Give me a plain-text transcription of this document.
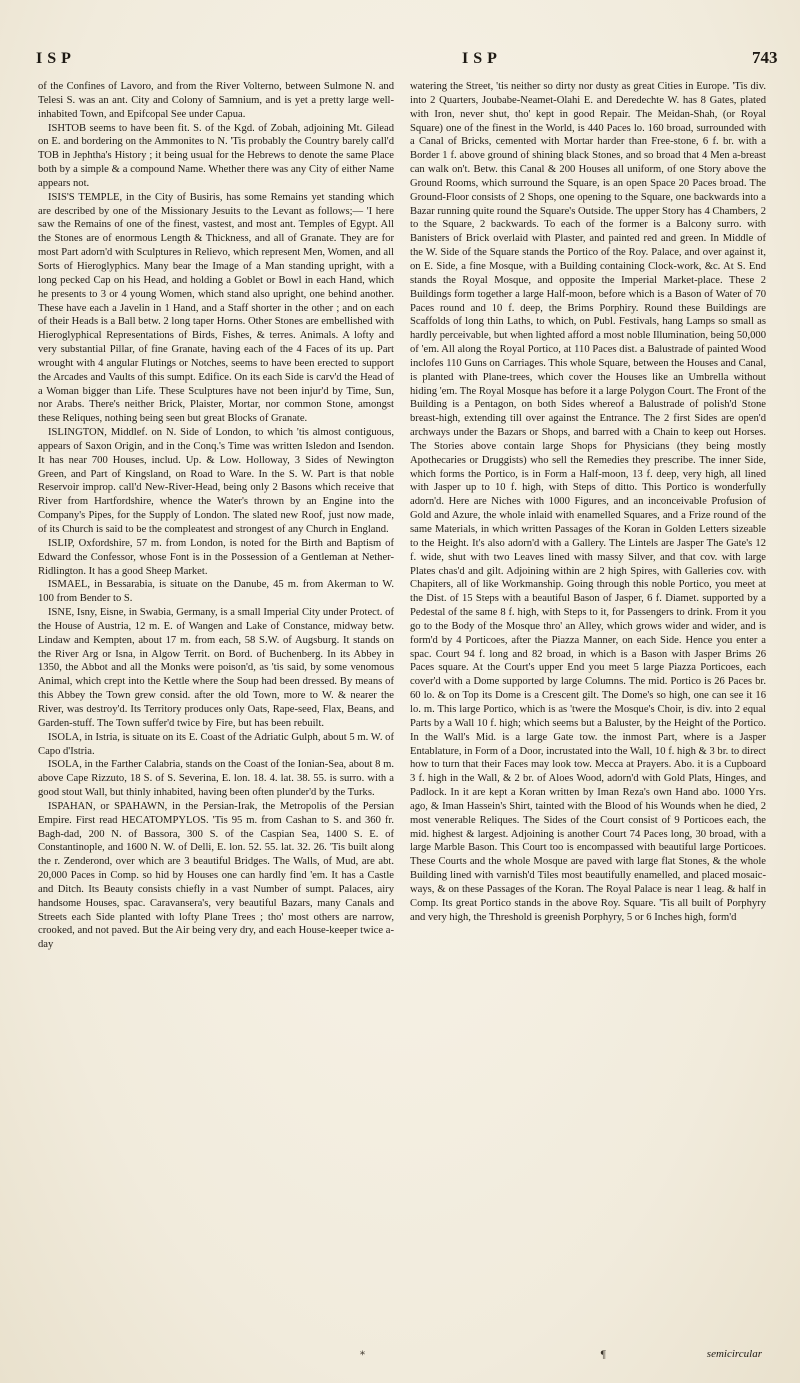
ISP	ISP	743

of the Confines of Lavoro, and from the River Volterno, between Sulmone N. and Telesi S. was an ant. City and Colony of Samnium, and is yet a pretty large well-inhabited Town, and Epifcopal See under Capua.

ISHTOB seems to have been fit. S. of the Kgd. of Zobah, adjoining Mt. Gilead on E. and bordering on the Ammonites to N. 'Tis probably the Country barely call'd TOB in Jephtha's History ; it being usual for the Hebrews to denote the same Place both by a simple & a compound Name. Whether there was any City of either Name appears not.

ISIS'S TEMPLE, in the City of Busiris, has some Remains yet standing which are described by one of the Missionary Jesuits to the Levant as follows;— 'I here saw the Remains of one of the finest, vastest, and most ant. Temples of Egypt. All the Stones are of enormous Length & Thickness, and all of Granate. They are for most Part adorn'd with Sculptures in Relievo, which represent Men, Women, and all Sorts of Hieroglyphics. Many bear the Image of a Man standing upright, with a long pecked Cap on his Head, and holding a Goblet or Bowl in each Hand, which he presents to 3 or 4 young Women, which stand also upright, one behind another. These have each a Javelin in 1 Hand, and a Staff shorter in the other ; and on each of their Heads is a Ball betw. 2 long taper Horns. Other Stones are embellished with Hieroglyphical Representations of Birds, Fishes, & terres. Animals. A lofty and very substantial Pillar, of fine Granate, having each of the 4 Faces of its up. Part wrought with 4 angular Flutings or Notches, seems to have been erected to support the Arcades and Vaults of this sumpt. Edifice. On its each Side is carv'd the Head of a Woman bigger than Life. These Sculptures have not been injur'd by Time, Sun, nor Arabs. There's neither Brick, Plaister, Mortar, nor common Stone, amongst these Reliques, nothing being seen but great Blocks of Granate.

ISLINGTON, Middlef. on N. Side of London, to which 'tis almost contiguous, appears of Saxon Origin, and in the Conq.'s Time was written Isledon and Isendon. It has near 700 Houses, includ. Up. & Low. Holloway, 3 Sides of Newington Green, and Part of Kingsland, on Road to Ware. In the S. W. Part is that noble Reservoir improp. call'd New-River-Head, being only 2 Basons which receive that River from Hartfordshire, whence the Water's thrown by an Engine into the Company's Pipes, for the Supply of London. The slated new Roof, just now made, of its Church is said to be the compleatest and strongest of any Church in England.

ISLIP, Oxfordshire, 57 m. from London, is noted for the Birth and Baptism of Edward the Confessor, whose Font is in the Possession of a Gentleman at Nether-Ridlington. It has a good Sheep Market.

ISMAEL, in Bessarabia, is situate on the Danube, 45 m. from Akerman to W. 100 from Bender to S.

ISNE, Isny, Eisne, in Swabia, Germany, is a small Imperial City under Protect. of the House of Austria, 12 m. E. of Wangen and Lake of Constance, midway betw. Lindaw and Kempten, about 17 m. from each, 58 S.W. of Augsburg. It stands on the River Arg or Isna, in Algow Territ. on Bord. of Buchenberg. In its Abbey in 1350, the Abbot and all the Monks were poison'd, as 'tis said, by some venomous Animal, which crept into the Kettle where the Soup had been dressed. By means of this Abbey the Town grew consid. after the old Town, more to W. & nearer the River, was destroy'd. Its Territory produces only Oats, Rape-seed, Flax, Beans, and Garden-stuff. The Town suffer'd twice by Fire, but has been rebuilt.

ISOLA, in Istria, is situate on its E. Coast of the Adriatic Gulph, about 5 m. W. of Capo d'Istria.

ISOLA, in the Farther Calabria, stands on the Coast of the Ionian-Sea, about 8 m. above Cape Rizzuto, 18 S. of S. Severina, E. lon. 18. 4. lat. 38. 55. is surro. with a good stout Wall, but thinly inhabited, having been often plunder'd by the Turks.

ISPAHAN, or SPAHAWN, in the Persian-Irak, the Metropolis of the Persian Empire. First read HECATOMPYLOS. 'Tis 95 m. from Cashan to S. and 360 fr. Bagh-dad, 200 N. of Bassora, 300 S. of the Caspian Sea, 1400 S. E. of Constantinople, and 1600 N. W. of Delli, E. lon. 52. 55. lat. 32. 26. 'Tis built along the r. Zenderond, over which are 3 beautiful Bridges. The Walls, of Mud, are abt. 20,000 Paces in Comp. so hid by Houses one can hardly find 'em. It has a Castle and Ditch. Its Beauty consists chiefly in a vast Number of sumpt. Palaces, airy handsome Houses, spac. Caravansera's, very beautiful Bazars, many Canals and Streets each Side planted with lofty Plane Trees ; tho' most others are narrow, crooked, and not paved. But the Air being very dry, and each House-keeper twice a-day

watering the Street, 'tis neither so dirty nor dusty as great Cities in Europe. 'Tis div. into 2 Quarters, Joubabe-Neamet-Olahi E. and Deredechte W. has 8 Gates, plated with Iron, never shut, tho' kept in good Repair. The Meidan-Shah, (or Royal Square) one of the finest in the World, is 440 Paces lo. 160 broad, surrounded with a Canal of Bricks, cemented with Mortar harder than Free-stone, 6 f. br. with a Border 1 f. above ground of shining black Stones, and so broad that 4 Men a-breast can walk on't. Betw. this Canal & 200 Houses all uniform, of one Story above the Ground Rooms, which surround the Square, is an open Space 20 Paces broad. The Ground-Floor consists of 2 Shops, one opening to the Square, one backwards into a Bazar running quite round the Square's Outside. The upper Story has 4 Chambers, 2 to the Square, 2 backwards. To each of the former is a Balcony surro. with Banisters of Brick overlaid with Plaster, and painted red and green. In Middle of the W. Side of the Square stands the Portico of the Roy. Palace, and over against it, on E. Side, a fine Mosque, with a Building containing Clock-work, &c. At S. End stands the Royal Mosque, and opposite the Imperial Market-place. These 2 Buildings form together a large Half-moon, before which is a Bason of Water of 70 Paces round and 10 f. deep, the Brims Porphiry. Round these Buildings are Scaffolds of long thin Laths, to which, on Publ. Festivals, hang Lamps so small as hardly perceivable, but when lighted afford a most noble Illumination, being 50,000 of 'em. All along the Royal Portico, at 110 Paces dist. a Balustrade of painted Wood inclofes 110 Guns on Carriages. This whole Square, between the Houses and Canal, is planted with Plane-trees, which cover the Houses like an Umbrella without hiding 'em. The Royal Mosque has before it a large Polygon Court. The Front of the Building is a Pentagon, on both Sides whereof a Balustrade of polish'd Stone breast-high, extending till over against the Entrance. The 2 first Sides are open'd archways under the Bazars or Shops, and barred with a Chain to keep out Horses. The Stories above contain large Shops for Physicians (they being mostly Apothecaries or Druggists) who sell the Remedies they prescribe. The inner Side, which forms the Portico, is in Form a Half-moon, 13 f. deep, very high, all lined with Jasper up to 10 f. high, with Steps of ditto. This Portico is wonderfully adorn'd. Here are Niches with 1000 Figures, and an inconceivable Profusion of Gold and Azure, the whole inlaid with enamelled Squares, and a Frize round of the same Materials, in which written Passages of the Koran in Golden Letters sizeable to the Height. It's also adorn'd with a Gallery. The Lintels are Jasper The Gate's 12 f. wide, shut with two Leaves lined with massy Silver, and that cov. with large Plates chas'd and gilt. Adjoining within are 2 high Spires, with Galleries cov. with Chapiters, all of like Workmanship. Going through this noble Portico, you meet at the Dist. of 15 Steps with a beautiful Bason of Jasper, 6 f. Diamet. supported by a Pedestal of the same 8 f. high, with Steps to it, for Passengers to drink. From it you go to the Body of the Mosque thro' an Alley, which grows wider and wider, and is form'd by 4 Porticoes, after the Piazza Manner, on each Side. Hence you enter a spac. Court 94 f. long and 82 broad, in which is a Bason with Jasper Brims 26 Paces square. At the Court's upper End you meet 5 large Piazza Porticoes, each cover'd with a Dome supported by large Columns. The mid. Portico is 26 Paces br. 60 lo. & on Top its Dome is a Crescent gilt. The Dome's so high, one can see it 16 lo. m. This large Portico, which is as 'twere the Mosque's Choir, is div. into 2 equal Parts by a Wall 10 f. high; which seems but a Baluster, by the Height of the Portico. In the Wall's Mid. is a large Gate tow. the inmost Part, where is a Jasper Entablature, in Form of a Door, incrustated into the Wall, 10 f. high & 3 br. to direct how to turn that their Faces may look tow. Mecca at Prayers. Abo. it is a Cupboard 3 f. high in the Wall, & 2 br. of Aloes Wood, adorn'd with Gold Plats, Hinges, and Padlock. In it are kept a Koran written by Iman Reza's own Hand abo. 1000 Yrs. ago, & Iman Hassein's Shirt, tainted with the Blood of his Wounds when he died, 2 most venerable Reliques. The Sides of the Court consist of 9 Porticoes each, the mid. highest & largest. Adjoining is another Court 74 Paces long, 30 broad, with a large Marble Bason. This Court too is encompassed with beautiful large Porticoes. These Courts and the whole Mosque are paved with large flat Stones, & the whole Building lined with varnish'd Tiles most beautifully enamelled, and placed mosaic-ways, & on these Passages of the Koran. The Royal Palace is near 1 leag. & half in Comp. Its great Portico stands in the above Roy. Square. 'Tis all built of Porphyry and very high, the Threshold is greenish Porphyry, 5 or 6 Inches high, form'd

*	¶	semicircular
